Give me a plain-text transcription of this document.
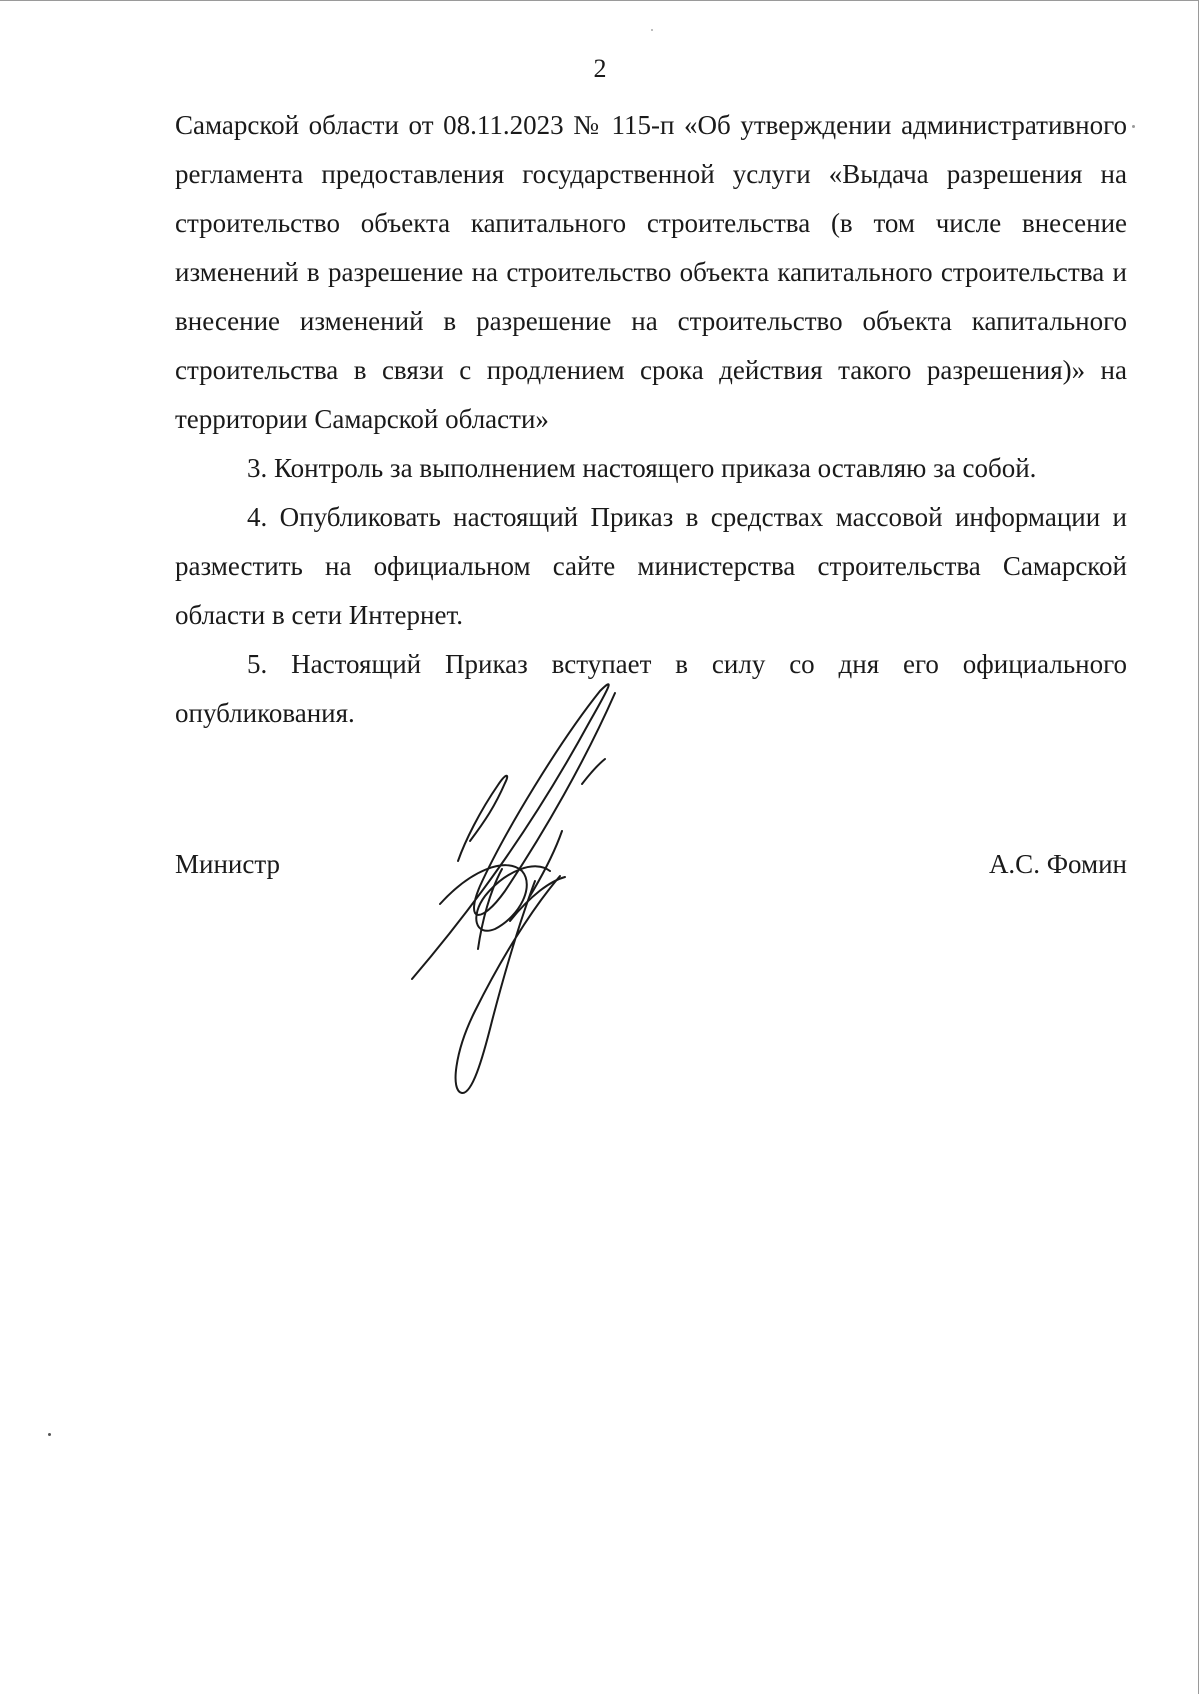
2

Самарской области от 08.11.2023 № 115-п «Об утверждении административного регламента предоставления государственной услуги «Выдача разрешения на строительство объекта капитального строительства (в том числе внесение изменений в разрешение на строительство объекта капитального строительства и внесение изменений в разрешение на строительство объекта капитального строительства в связи с продлением срока действия такого разрешения)» на территории Самарской области»

3. Контроль за выполнением настоящего приказа оставляю за собой.

4. Опубликовать настоящий Приказ в средствах массовой информации и разместить на официальном сайте министерства строительства Самарской области в сети Интернет.

5. Настоящий Приказ вступает в силу со дня его официального опубликования.

Министр	А.С. Фомин
